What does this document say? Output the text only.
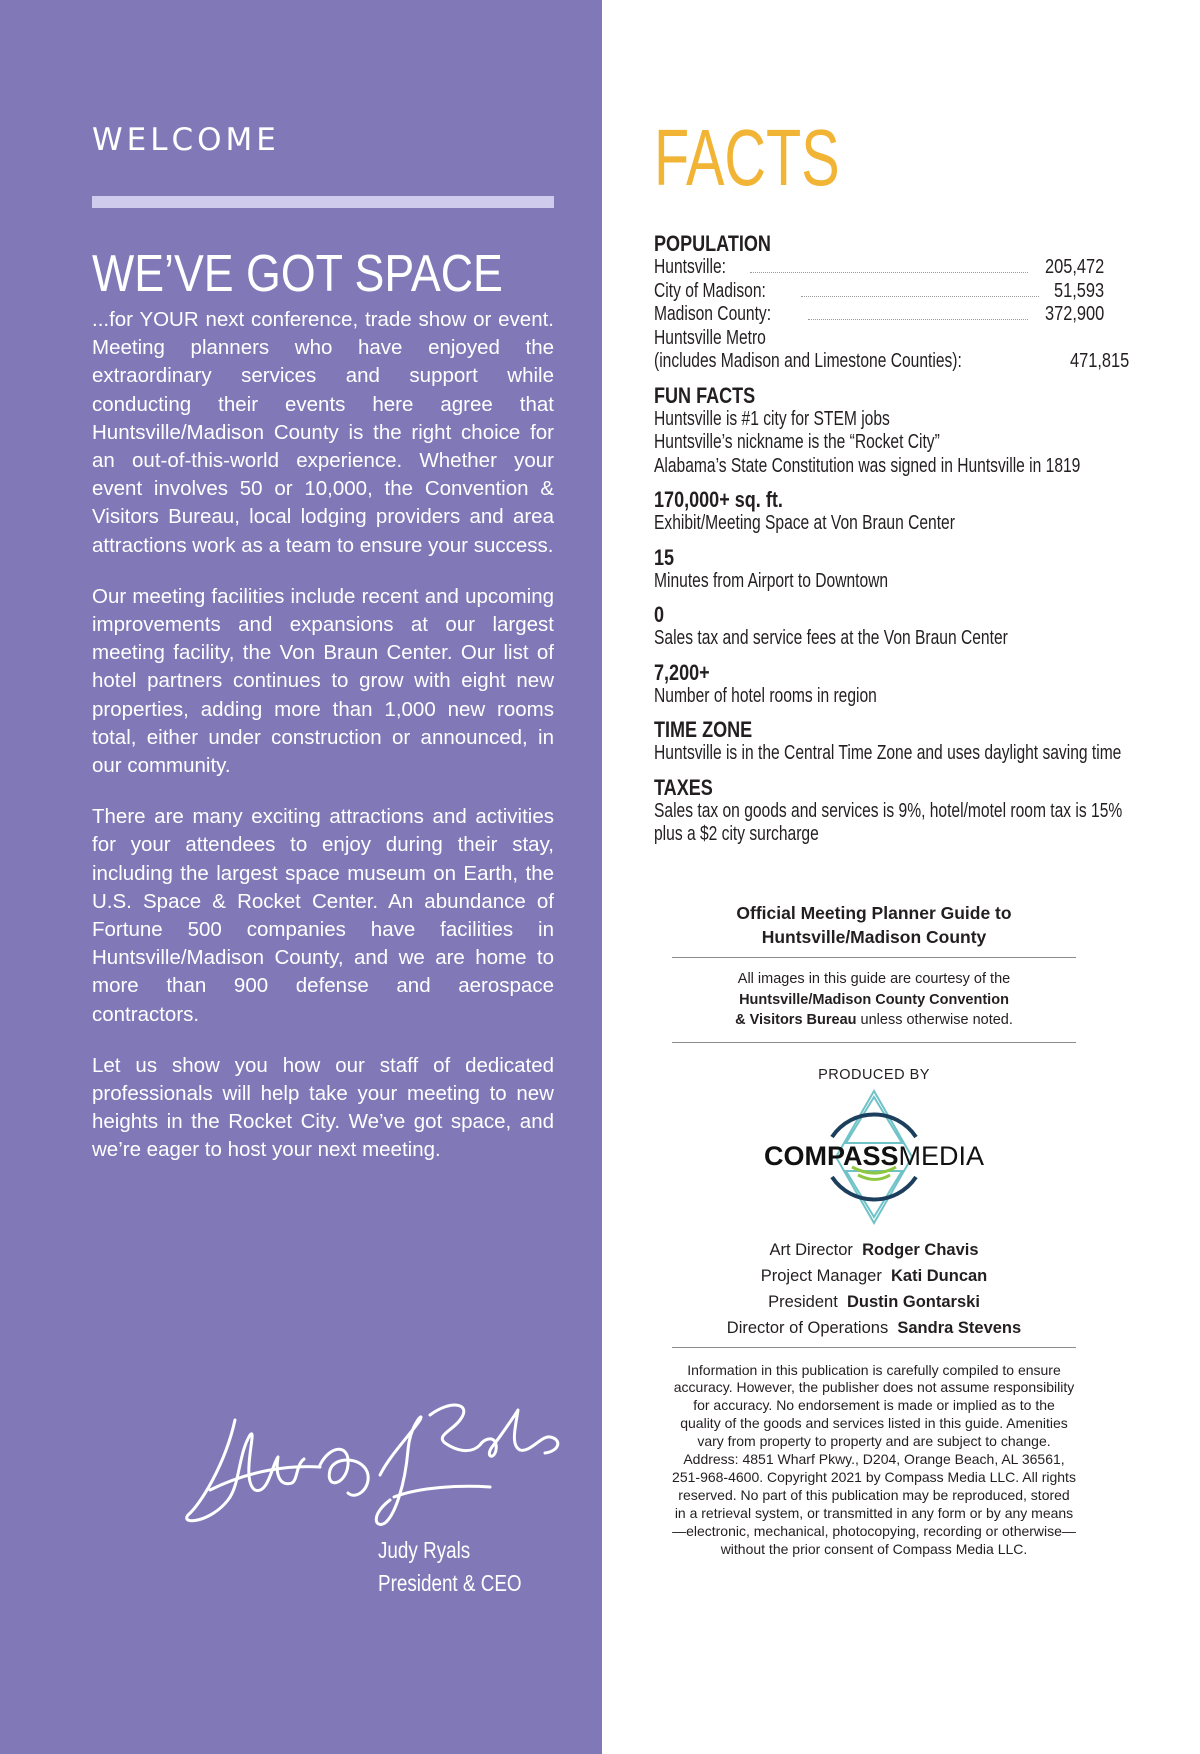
WELCOME
WE’VE GOT SPACE

...for YOUR next conference, trade show or event. Meeting planners who have enjoyed the extraordinary services and support while conducting their events here agree that Huntsville/Madison County is the right choice for an out-of-this-world experience. Whether your event involves 50 or 10,000, the Convention & Visitors Bureau, local lodging providers and area attractions work as a team to ensure your success.

Our meeting facilities include recent and upcoming improvements and expansions at our largest meeting facility, the Von Braun Center. Our list of hotel partners continues to grow with eight new properties, adding more than 1,000 new rooms total, either under construction or announced, in our community.

There are many exciting attractions and activities for your attendees to enjoy during their stay, including the largest space museum on Earth, the U.S. Space & Rocket Center. An abundance of Fortune 500 companies have facilities in Huntsville/Madison County, and we are home to more than 900 defense and aerospace contractors.

Let us show you how our staff of dedicated professionals will help take your meeting to new heights in the Rocket City. We’ve got space, and we’re eager to host your next meeting.

Judy Ryals
President & CEO
FACTS
POPULATION
Huntsville:	205,472
City of Madison:	51,593
Madison County:	372,900
Huntsville Metro
(includes Madison and Limestone Counties):	471,815
FUN FACTS
Huntsville is #1 city for STEM jobs
Huntsville’s nickname is the “Rocket City”
Alabama’s State Constitution was signed in Huntsville in 1819
170,000+ sq. ft.
Exhibit/Meeting Space at Von Braun Center
15
Minutes from Airport to Downtown
0
Sales tax and service fees at the Von Braun Center
7,200+
Number of hotel rooms in region
TIME ZONE
Huntsville is in the Central Time Zone and uses daylight saving time
TAXES
Sales tax on goods and services is 9%, hotel/motel room tax is 15%
plus a $2 city surcharge
Official Meeting Planner Guide to
Huntsville/Madison County
All images in this guide are courtesy of the
Huntsville/Madison County Convention
& Visitors Bureau unless otherwise noted.
PRODUCED BY
COMPASSMEDIA
Art Director Rodger Chavis
Project Manager Kati Duncan
President Dustin Gontarski
Director of Operations Sandra Stevens
Information in this publication is carefully compiled to ensure accuracy. However, the publisher does not assume responsibility for accuracy. No endorsement is made or implied as to the quality of the goods and services listed in this guide. Amenities vary from property to property and are subject to change. Address: 4851 Wharf Pkwy., D204, Orange Beach, AL 36561, 251-968-4600. Copyright 2021 by Compass Media LLC. All rights reserved. No part of this publication may be reproduced, stored in a retrieval system, or transmitted in any form or by any means—electronic, mechanical, photocopying, recording or otherwise—without the prior consent of Compass Media LLC.
